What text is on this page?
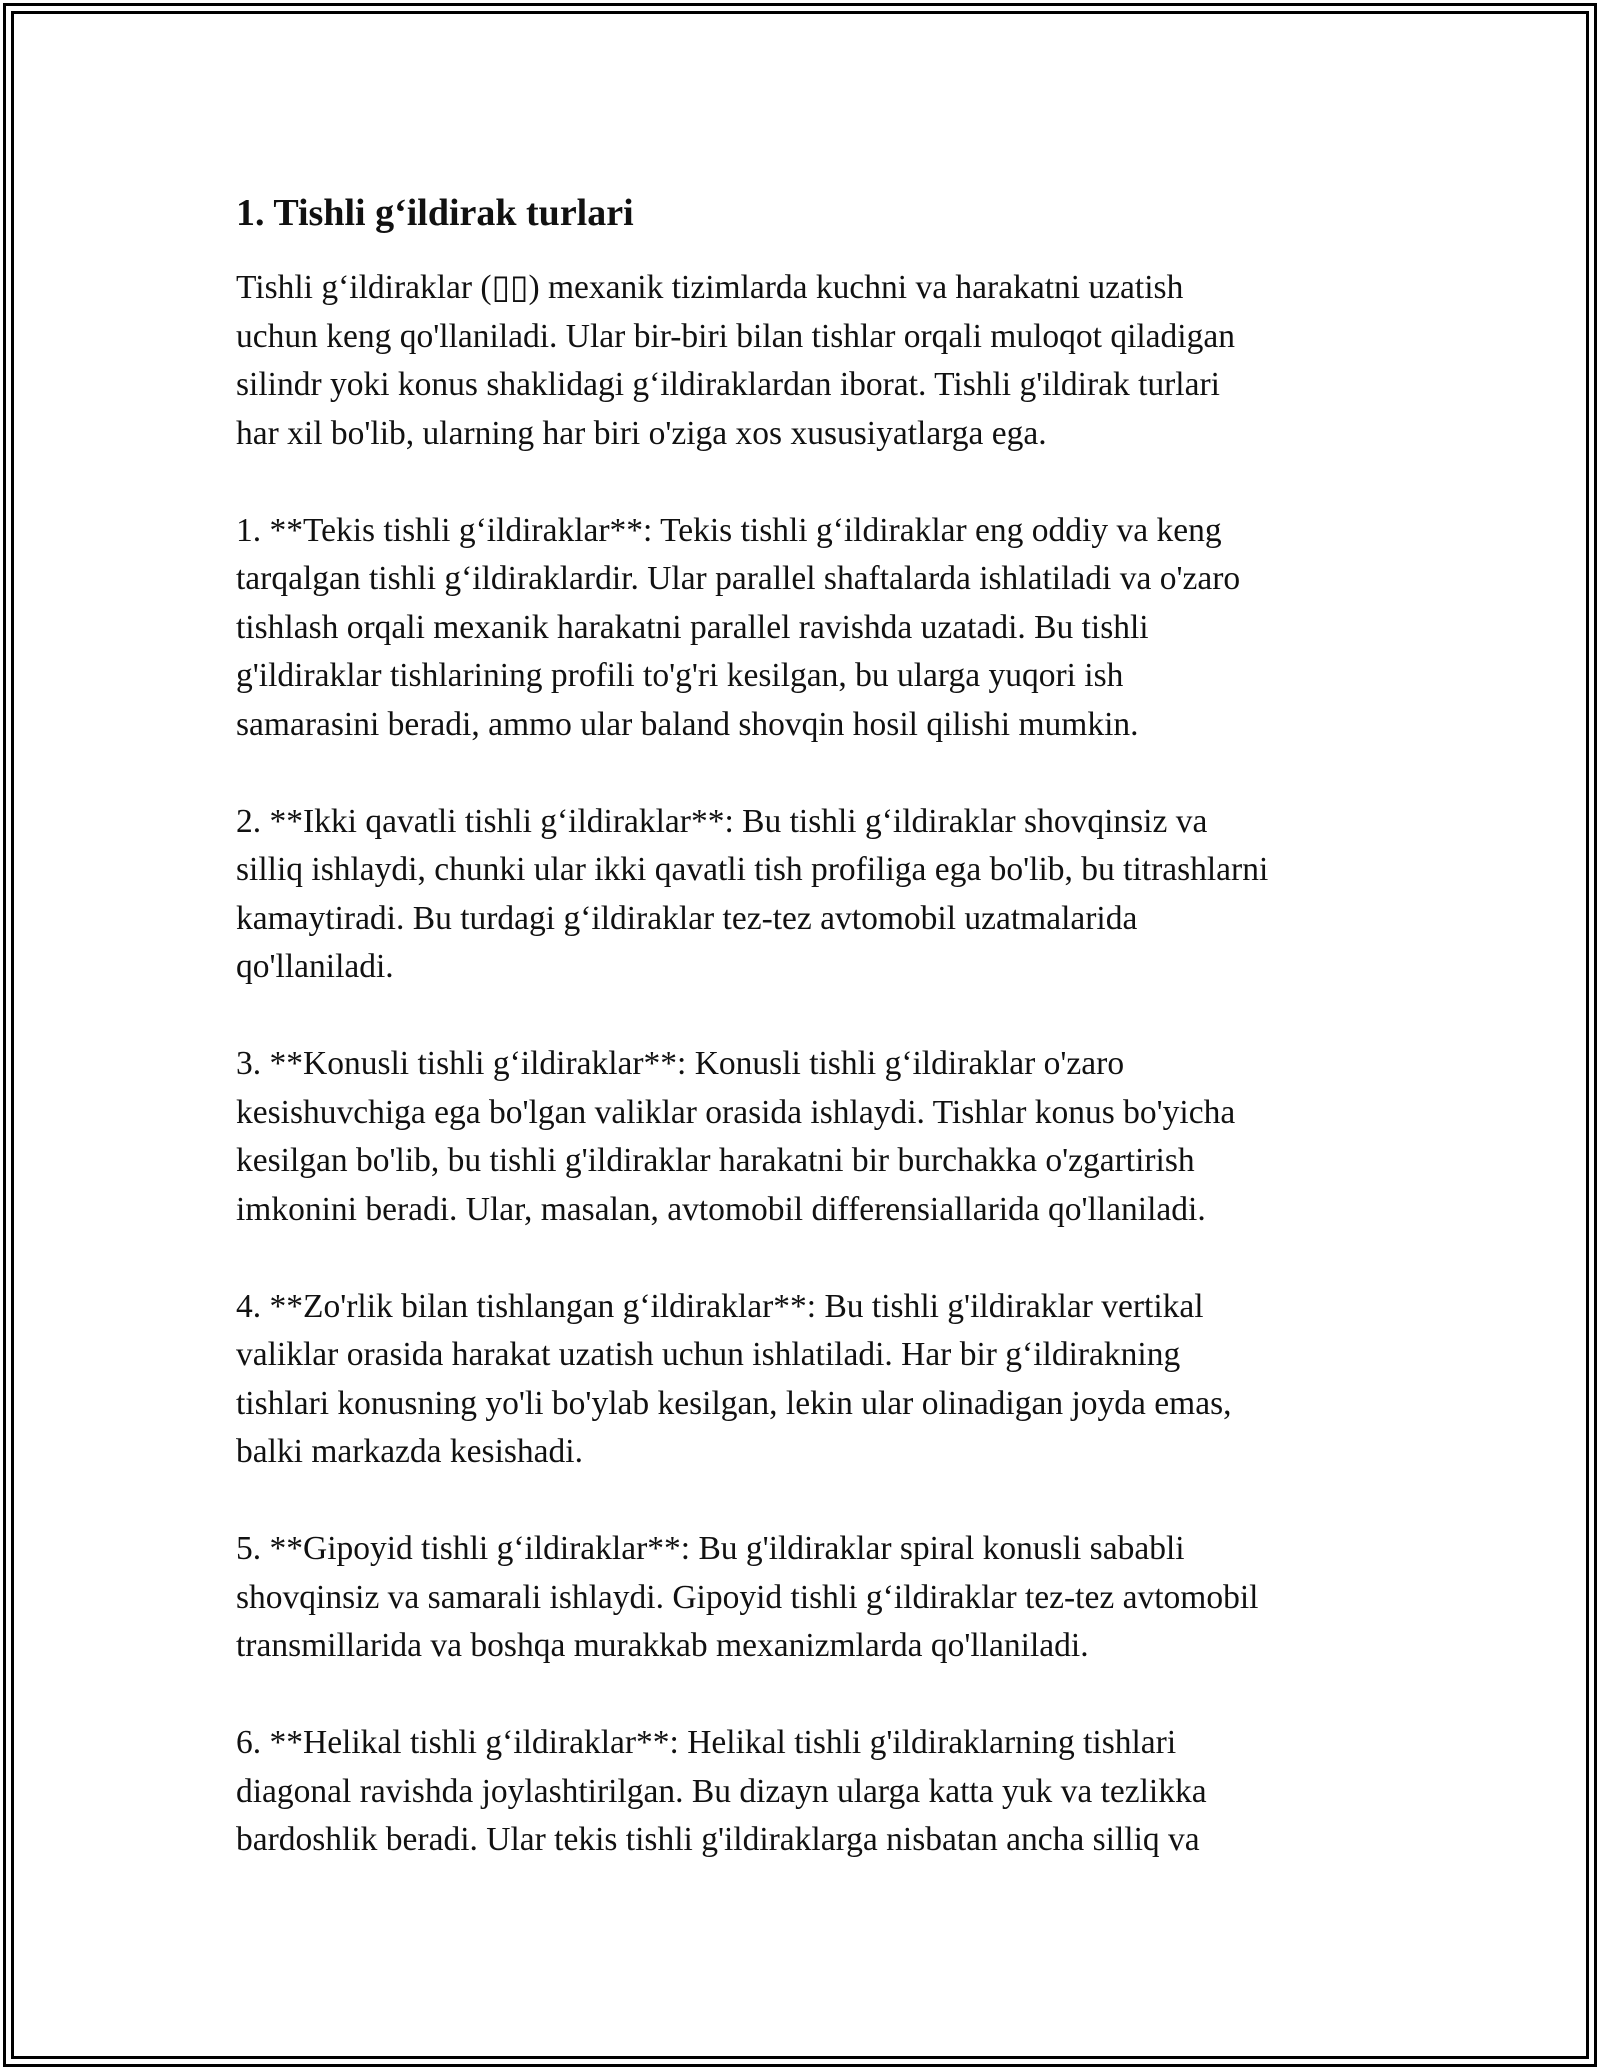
1. Tishli g‘ildirak turlari

Tishli g‘ildiraklar (▯▯) mexanik tizimlarda kuchni va harakatni uzatish
uchun keng qo'llaniladi. Ular bir-biri bilan tishlar orqali muloqot qiladigan
silindr yoki konus shaklidagi g‘ildiraklardan iborat. Tishli g'ildirak turlari
har xil bo'lib, ularning har biri o'ziga xos xususiyatlarga ega.

1. **Tekis tishli g‘ildiraklar**: Tekis tishli g‘ildiraklar eng oddiy va keng
tarqalgan tishli g‘ildiraklardir. Ular parallel shaftalarda ishlatiladi va o'zaro
tishlash orqali mexanik harakatni parallel ravishda uzatadi. Bu tishli
g'ildiraklar tishlarining profili to'g'ri kesilgan, bu ularga yuqori ish
samarasini beradi, ammo ular baland shovqin hosil qilishi mumkin.

2. **Ikki qavatli tishli g‘ildiraklar**: Bu tishli g‘ildiraklar shovqinsiz va
silliq ishlaydi, chunki ular ikki qavatli tish profiliga ega bo'lib, bu titrashlarni
kamaytiradi. Bu turdagi g‘ildiraklar tez-tez avtomobil uzatmalarida
qo'llaniladi.

3. **Konusli tishli g‘ildiraklar**: Konusli tishli g‘ildiraklar o'zaro
kesishuvchiga ega bo'lgan valiklar orasida ishlaydi. Tishlar konus bo'yicha
kesilgan bo'lib, bu tishli g'ildiraklar harakatni bir burchakka o'zgartirish
imkonini beradi. Ular, masalan, avtomobil differensiallarida qo'llaniladi.

4. **Zo'rlik bilan tishlangan g‘ildiraklar**: Bu tishli g'ildiraklar vertikal
valiklar orasida harakat uzatish uchun ishlatiladi. Har bir g‘ildirakning
tishlari konusning yo'li bo'ylab kesilgan, lekin ular olinadigan joyda emas,
balki markazda kesishadi.

5. **Gipoyid tishli g‘ildiraklar**: Bu g'ildiraklar spiral konusli sababli
shovqinsiz va samarali ishlaydi. Gipoyid tishli g‘ildiraklar tez-tez avtomobil
transmillarida va boshqa murakkab mexanizmlarda qo'llaniladi.

6. **Helikal tishli g‘ildiraklar**: Helikal tishli g'ildiraklarning tishlari
diagonal ravishda joylashtirilgan. Bu dizayn ularga katta yuk va tezlikka
bardoshlik beradi. Ular tekis tishli g'ildiraklarga nisbatan ancha silliq va
